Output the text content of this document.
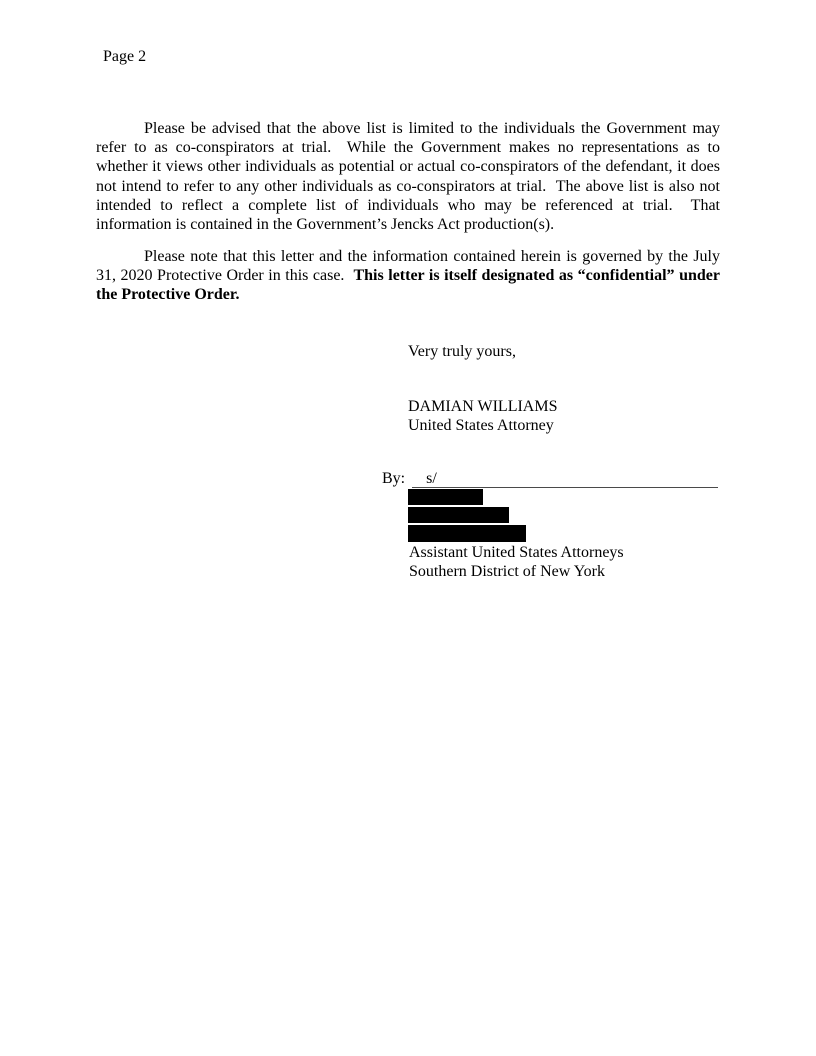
Page 2
Please be advised that the above list is limited to the individuals the Government may refer to as co-conspirators at trial.  While the Government makes no representations as to whether it views other individuals as potential or actual co-conspirators of the defendant, it does not intend to refer to any other individuals as co-conspirators at trial.  The above list is also not intended to reflect a complete list of individuals who may be referenced at trial.  That information is contained in the Government’s Jencks Act production(s).
Please note that this letter and the information contained herein is governed by the July 31, 2020 Protective Order in this case.  This letter is itself designated as “confidential” under the Protective Order.
Very truly yours,
DAMIAN WILLIAMS
United States Attorney
By:	s/
Assistant United States Attorneys
Southern District of New York
